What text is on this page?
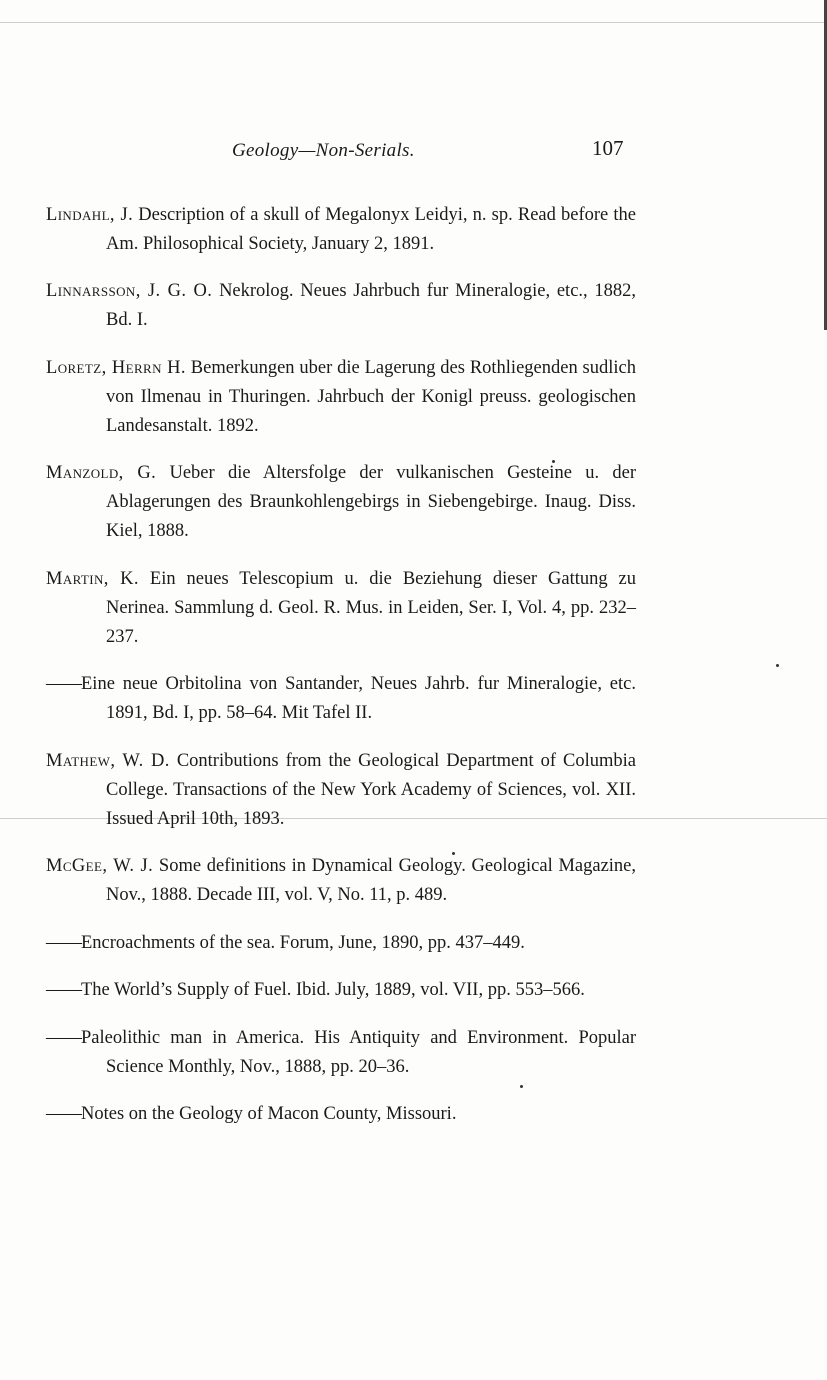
Geology—Non-Serials.	107

Lindahl, J. Description of a skull of Megalonyx Leidyi, n. sp. Read before the Am. Philosophical Society, January 2, 1891.

Linnarsson, J. G. O. Nekrolog. Neues Jahrbuch fur Mineralogie, etc., 1882, Bd. I.

Loretz, Herrn H. Bemerkungen uber die Lagerung des Rothliegenden sudlich von Ilmenau in Thuringen. Jahrbuch der Konigl preuss. geologischen Landesanstalt. 1892.

Manzold, G. Ueber die Altersfolge der vulkanischen Gesteine u. der Ablagerungen des Braunkohlengebirgs in Siebengebirge. Inaug. Diss. Kiel, 1888.

Martin, K. Ein neues Telescopium u. die Beziehung dieser Gattung zu Nerinea. Sammlung d. Geol. R. Mus. in Leiden, Ser. I, Vol. 4, pp. 232–237.

——Eine neue Orbitolina von Santander, Neues Jahrb. fur Mineralogie, etc. 1891, Bd. I, pp. 58–64. Mit Tafel II.

Mathew, W. D. Contributions from the Geological Department of Columbia College. Transactions of the New York Academy of Sciences, vol. XII. Issued April 10th, 1893.

McGee, W. J. Some definitions in Dynamical Geology. Geological Magazine, Nov., 1888. Decade III, vol. V, No. 11, p. 489.

——Encroachments of the sea. Forum, June, 1890, pp. 437–449.

——The World’s Supply of Fuel. Ibid. July, 1889, vol. VII, pp. 553–566.

——Paleolithic man in America. His Antiquity and Environment. Popular Science Monthly, Nov., 1888, pp. 20–36.

——Notes on the Geology of Macon County, Missouri.
